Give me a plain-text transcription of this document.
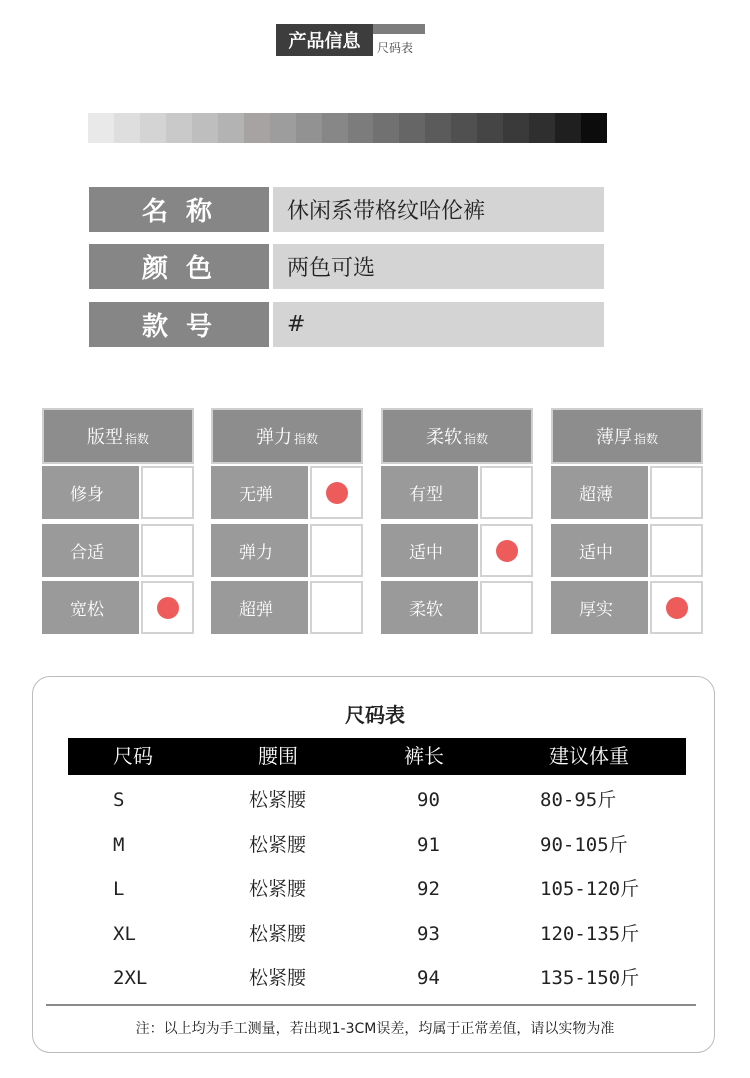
产品信息	尺码表
名称	休闲系带格纹哈伦裤
颜色	两色可选
款号	#
版型 指数
修身
合适
宽松
弹力 指数
无弹
弹力
超弹
柔软 指数
有型
适中
柔软
薄厚 指数
超薄
适中
厚实
尺码表
尺码	腰围	裤长	建议体重
S	松紧腰	90	80-95斤
M	松紧腰	91	90-105斤
L	松紧腰	92	105-120斤
XL	松紧腰	93	120-135斤
2XL	松紧腰	94	135-150斤
注：以上均为手工测量，若出现1-3CM误差，均属于正常差值，请以实物为准
